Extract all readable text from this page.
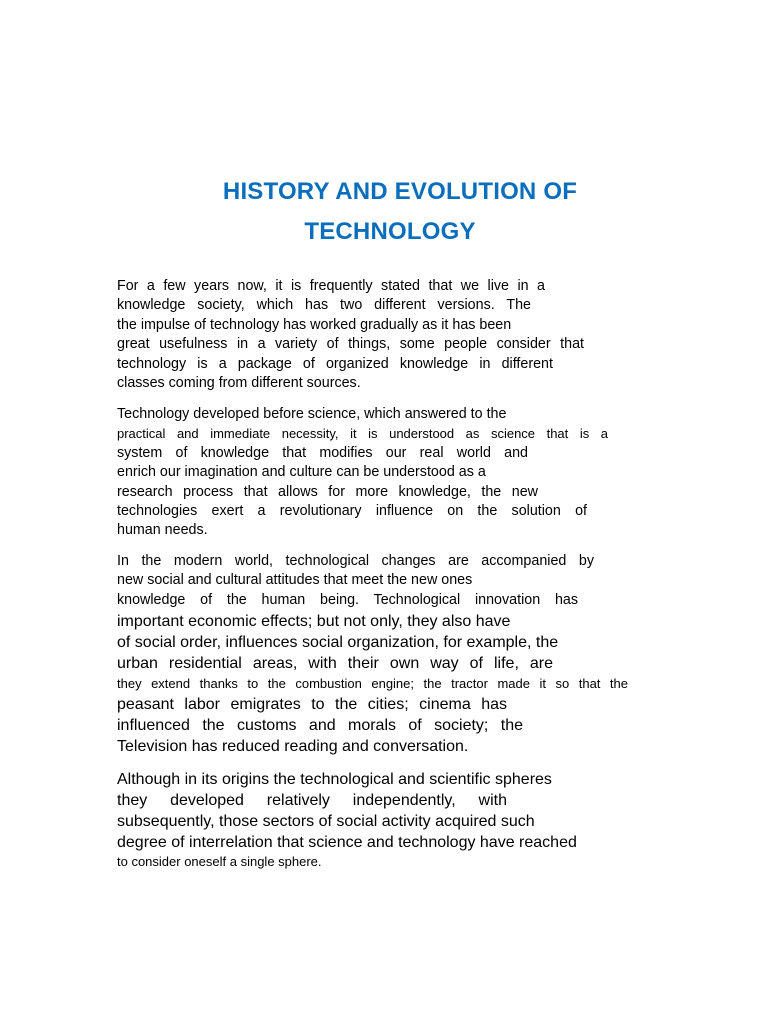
HISTORY AND EVOLUTION OF
TECHNOLOGY

For a few years now, it is frequently stated that we live in a
knowledge society, which has two different versions. The
the impulse of technology has worked gradually as it has been
great usefulness in a variety of things, some people consider that
technology is a package of organized knowledge in different
classes coming from different sources.

Technology developed before science, which answered to the
practical and immediate necessity, it is understood as science that is a
system of knowledge that modifies our real world and
enrich our imagination and culture can be understood as a
research process that allows for more knowledge, the new
technologies exert a revolutionary influence on the solution of
human needs.

In the modern world, technological changes are accompanied by
new social and cultural attitudes that meet the new ones
knowledge of the human being. Technological innovation has
important economic effects; but not only, they also have
of social order, influences social organization, for example, the
urban residential areas, with their own way of life, are
they extend thanks to the combustion engine; the tractor made it so that the
peasant labor emigrates to the cities; cinema has
influenced the customs and morals of society; the
Television has reduced reading and conversation.

Although in its origins the technological and scientific spheres
they developed relatively independently, with
subsequently, those sectors of social activity acquired such
degree of interrelation that science and technology have reached
to consider oneself a single sphere.
